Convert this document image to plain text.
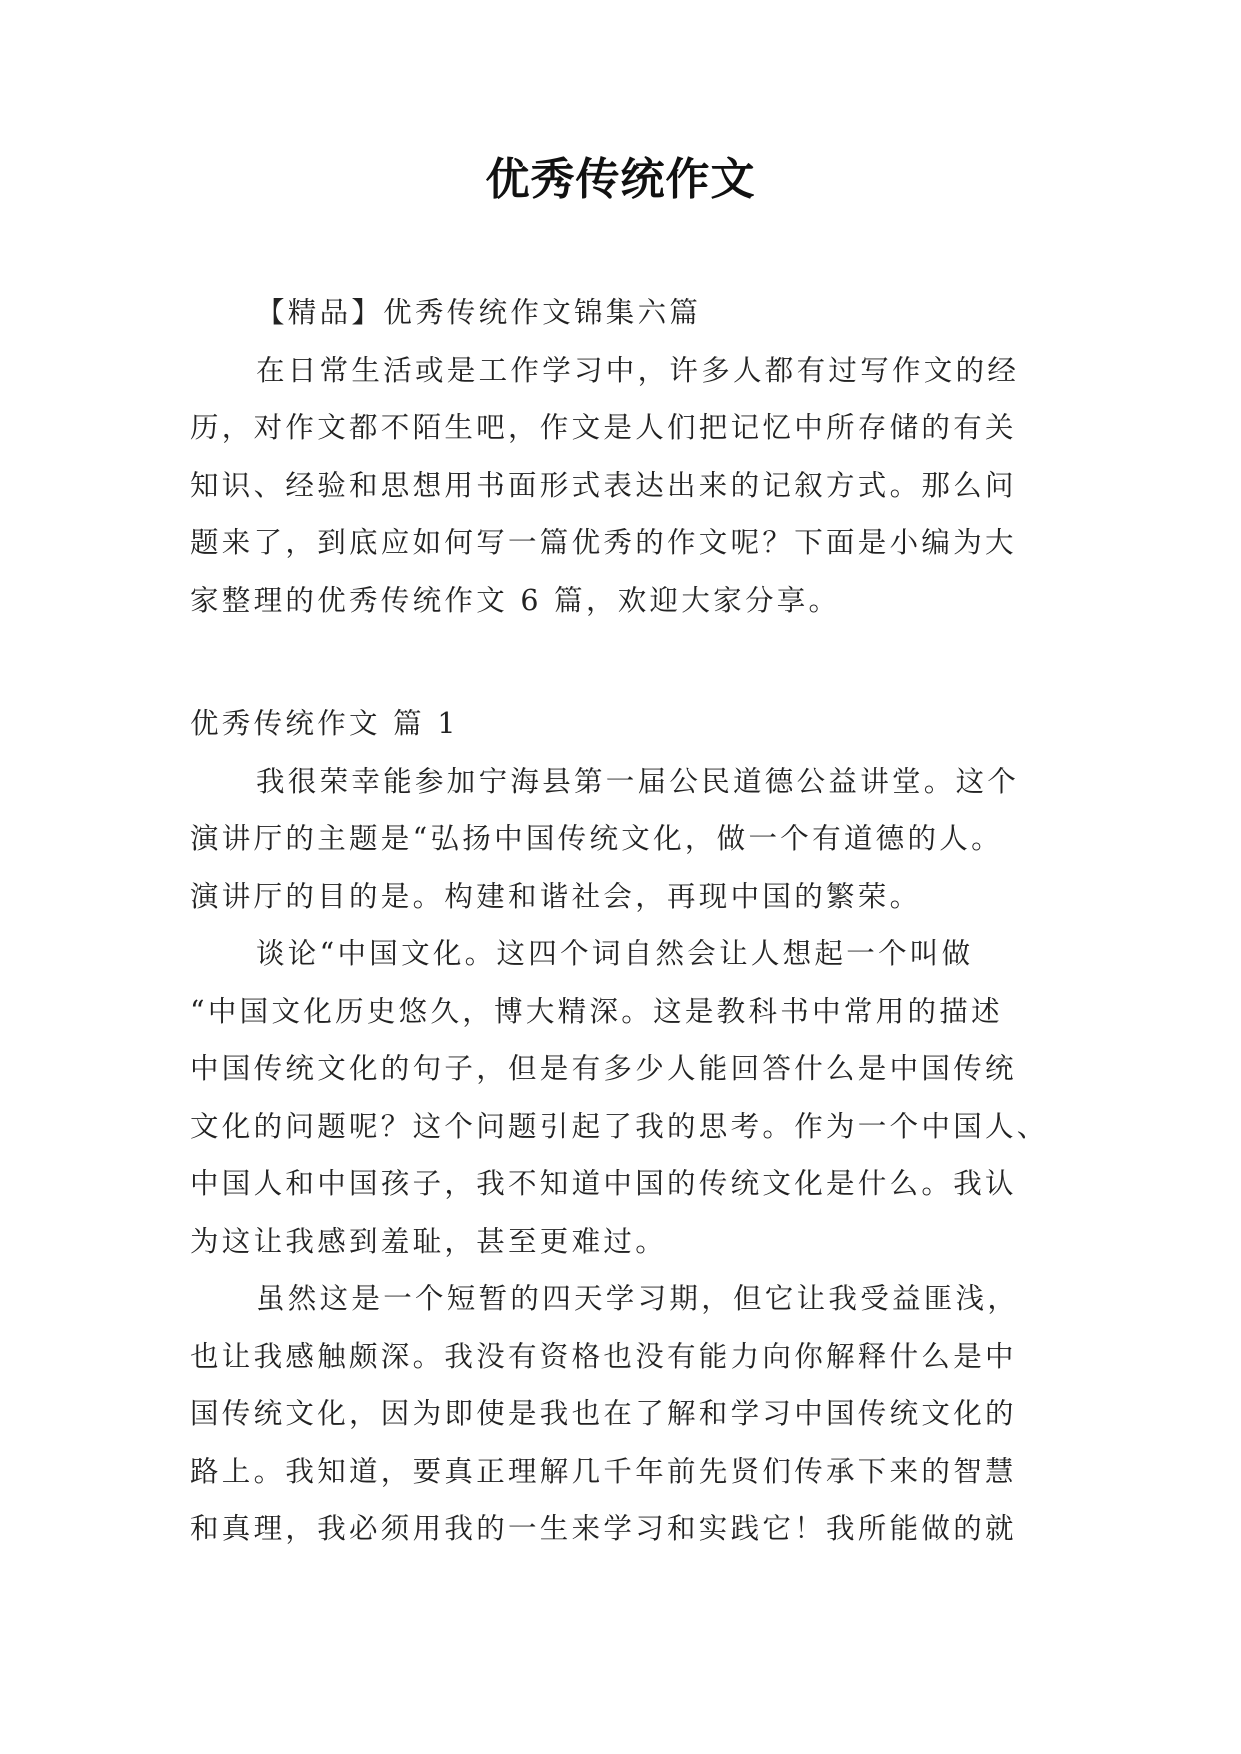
优秀传统作文
【精品】优秀传统作文锦集六篇
在日常生活或是工作学习中，许多人都有过写作文的经
历，对作文都不陌生吧，作文是人们把记忆中所存储的有关
知识、经验和思想用书面形式表达出来的记叙方式。那么问
题来了，到底应如何写一篇优秀的作文呢？下面是小编为大
家整理的优秀传统作文 6 篇，欢迎大家分享。
优秀传统作文 篇 1
我很荣幸能参加宁海县第一届公民道德公益讲堂。这个
演讲厅的主题是“弘扬中国传统文化，做一个有道德的人。
演讲厅的目的是。构建和谐社会，再现中国的繁荣。
谈论“中国文化。这四个词自然会让人想起一个叫做
“中国文化历史悠久，博大精深。这是教科书中常用的描述
中国传统文化的句子，但是有多少人能回答什么是中国传统
文化的问题呢？这个问题引起了我的思考。作为一个中国人、
中国人和中国孩子，我不知道中国的传统文化是什么。我认
为这让我感到羞耻，甚至更难过。
虽然这是一个短暂的四天学习期，但它让我受益匪浅，
也让我感触颇深。我没有资格也没有能力向你解释什么是中
国传统文化，因为即使是我也在了解和学习中国传统文化的
路上。我知道，要真正理解几千年前先贤们传承下来的智慧
和真理，我必须用我的一生来学习和实践它！我所能做的就
